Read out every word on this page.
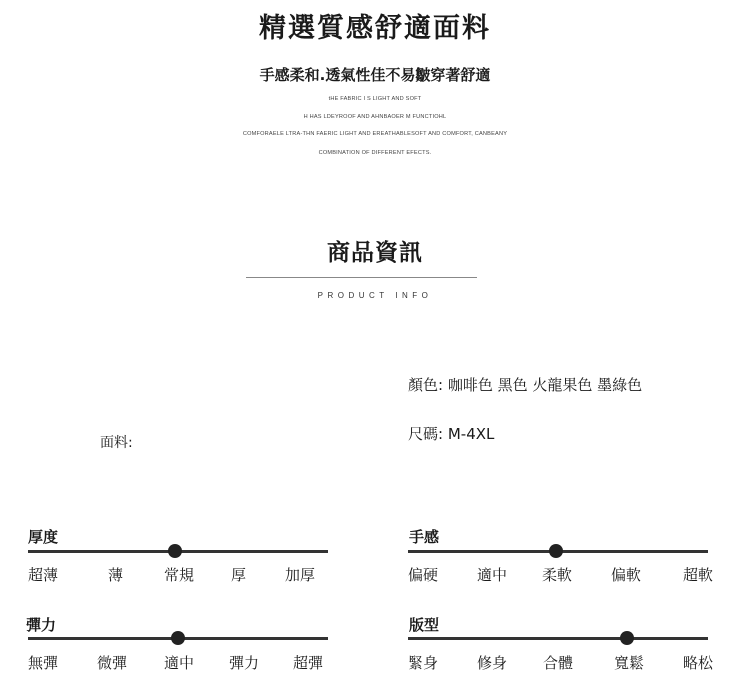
精選質感舒適面料
手感柔和.透氣性佳不易皺穿著舒適
tHE FABRIC I S LIGHT AND SOFT
H HAS LDEYROOF AND AHNBAOER M FUNCTIOHL
COMFORAELE LTRA-THN FAERIC LIGHT AND EREATHABLESOFT AND COMFORT, CANBEANY
COMBINATION OF DIFFERENT EFECTS.
商品資訊
PRODUCT INFO
顏色: 咖啡色 黑色 火龍果色 墨綠色
尺碼: M-4XL
面料:
厚度
超薄	薄	常規 厚	加厚
彈力
無彈	微彈 適中 彈力 超彈
手感
偏硬	適中 柔軟	偏軟	超軟
版型
緊身	修身 合體	寬鬆	略松
